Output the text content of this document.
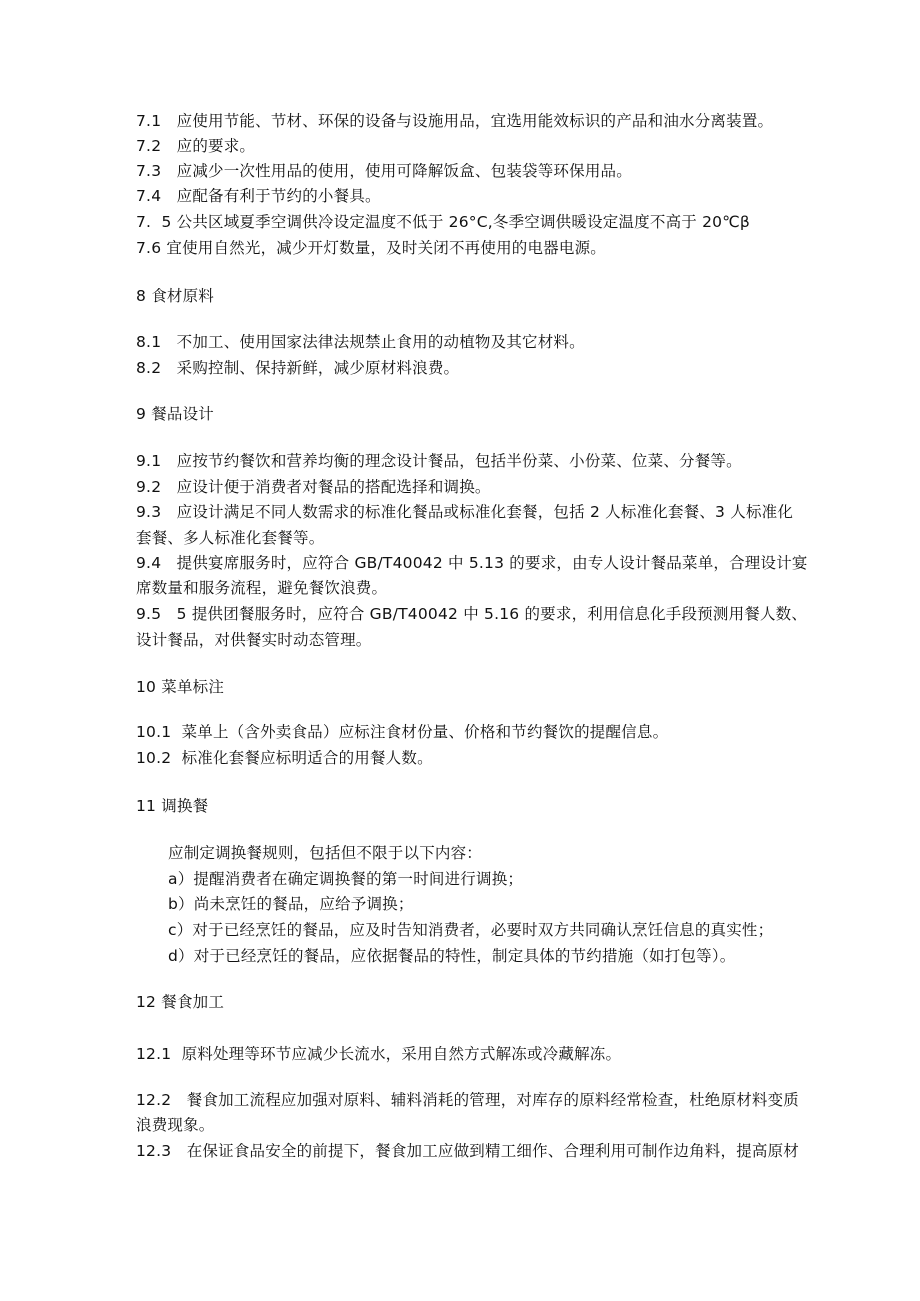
7.1   应使用节能、节材、环保的设备与设施用品，宜选用能效标识的产品和油水分离装置。
7.2   应的要求。
7.3   应减少一次性用品的使用，使用可降解饭盒、包装袋等环保用品。
7.4   应配备有利于节约的小餐具。
7.  5 公共区域夏季空调供冷设定温度不低于 26°C,冬季空调供暖设定温度不高于 20℃β
7.6 宜使用自然光，减少开灯数量，及时关闭不再使用的电器电源。
8 食材原料
8.1   不加工、使用国家法律法规禁止食用的动植物及其它材料。
8.2   采购控制、保持新鲜，减少原材料浪费。
9 餐品设计
9.1   应按节约餐饮和营养均衡的理念设计餐品，包括半份菜、小份菜、位菜、分餐等。
9.2   应设计便于消费者对餐品的搭配选择和调换。
9.3   应设计满足不同人数需求的标准化餐品或标准化套餐，包括 2 人标准化套餐、3 人标准化
套餐、多人标准化套餐等。
9.4   提供宴席服务时，应符合 GB/T40042 中 5.13 的要求，由专人设计餐品菜单，合理设计宴
席数量和服务流程，避免餐饮浪费。
9.5   5 提供团餐服务时，应符合 GB/T40042 中 5.16 的要求，利用信息化手段预测用餐人数、
设计餐品，对供餐实时动态管理。
10 菜单标注
10.1  菜单上（含外卖食品）应标注食材份量、价格和节约餐饮的提醒信息。
10.2  标准化套餐应标明适合的用餐人数。
11 调换餐
应制定调换餐规则，包括但不限于以下内容：
a）提醒消费者在确定调换餐的第一时间进行调换；
b）尚未烹饪的餐品，应给予调换；
c）对于已经烹饪的餐品，应及时告知消费者，必要时双方共同确认烹饪信息的真实性；
d）对于已经烹饪的餐品，应依据餐品的特性，制定具体的节约措施（如打包等）。
12 餐食加工
12.1  原料处理等环节应减少长流水，采用自然方式解冻或冷藏解冻。
12.2   餐食加工流程应加强对原料、辅料消耗的管理，对库存的原料经常检查，杜绝原材料变质
浪费现象。
12.3   在保证食品安全的前提下，餐食加工应做到精工细作、合理利用可制作边角料，提高原材
